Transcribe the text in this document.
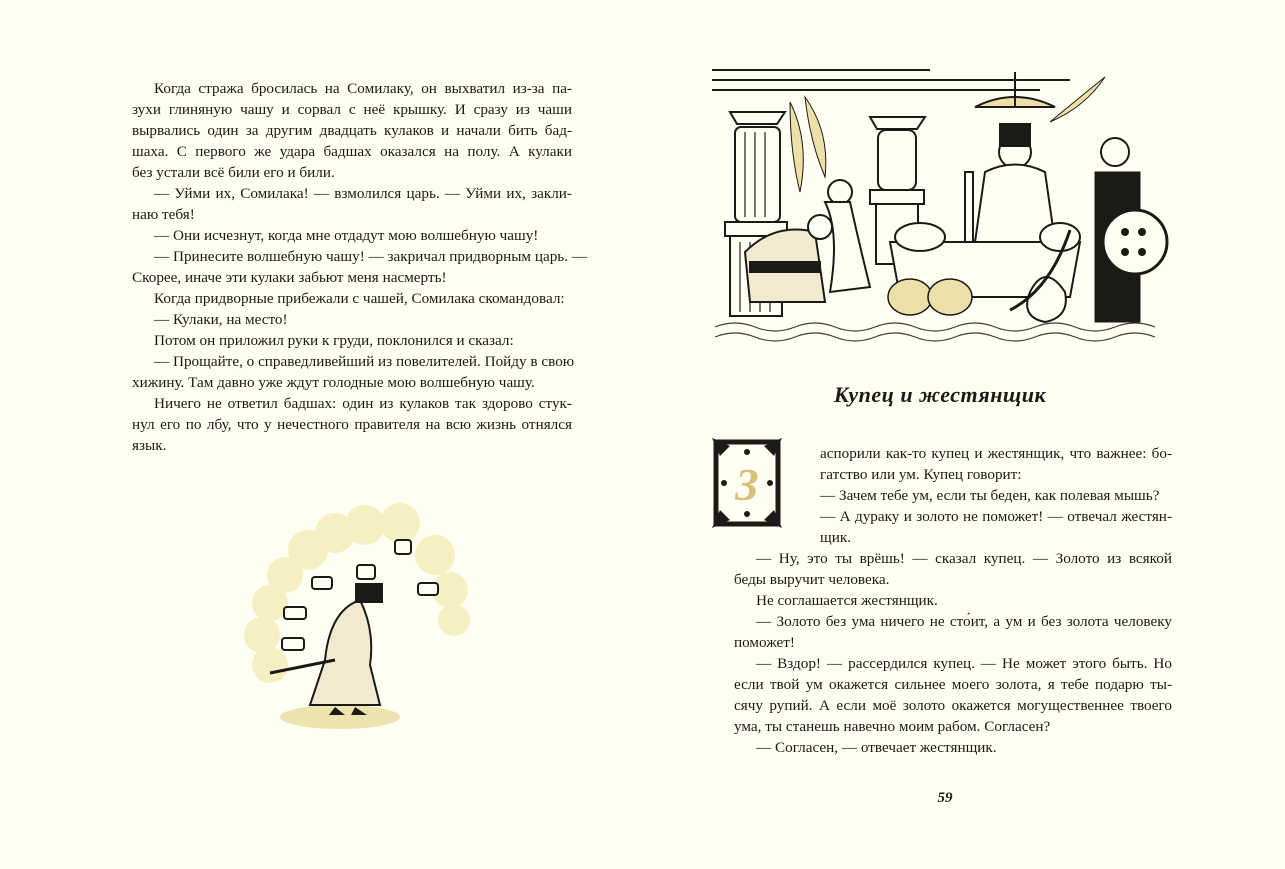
Когда стража бросилась на Сомилаку, он выхватил из-за па-
зухи глиняную чашу и сорвал с неё крышку. И сразу из чаши
вырвались один за другим двадцать кулаков и начали бить бад-
шаха. С первого же удара бадшах оказался на полу. А кулаки
без устали всё били его и били.

— Уйми их, Сомилака! — взмолился царь. — Уйми их, закли-
наю тебя!

— Они исчезнут, когда мне отдадут мою волшебную чашу!

— Принесите волшебную чашу! — закричал придворным царь. —
Скорее, иначе эти кулаки забьют меня насмерть!

Когда придворные прибежали с чашей, Сомилака скомандовал:

— Кулаки, на место!

Потом он приложил руки к груди, поклонился и сказал:

— Прощайте, о справедливейший из повелителей. Пойду в свою
хижину. Там давно уже ждут голодные мою волшебную чашу.

Ничего не ответил бадшах: один из кулаков так здорово стук-
нул его по лбу, что у нечестного правителя на всю жизнь отнялся
язык.

Купец и жестянщик
З

аспорили как-то купец и жестянщик, что важнее: бо-
гатство или ум. Купец говорит:

— Зачем тебе ум, если ты беден, как полевая мышь?

— А дураку и золото не поможет! — отвечал жестян-
щик.

— Ну, это ты врёшь! — сказал купец. — Золото из всякой
беды выручит человека.

Не соглашается жестянщик.

— Золото без ума ничего не сто́ит, а ум и без золота человеку
поможет!

— Вздор! — рассердился купец. — Не может этого быть. Но
если твой ум окажется сильнее моего золота, я тебе подарю ты-
сячу рупий. А если моё золото окажется могущественнее твоего
ума, ты станешь навечно моим рабом. Согласен?

— Согласен, — отвечает жестянщик.

59
